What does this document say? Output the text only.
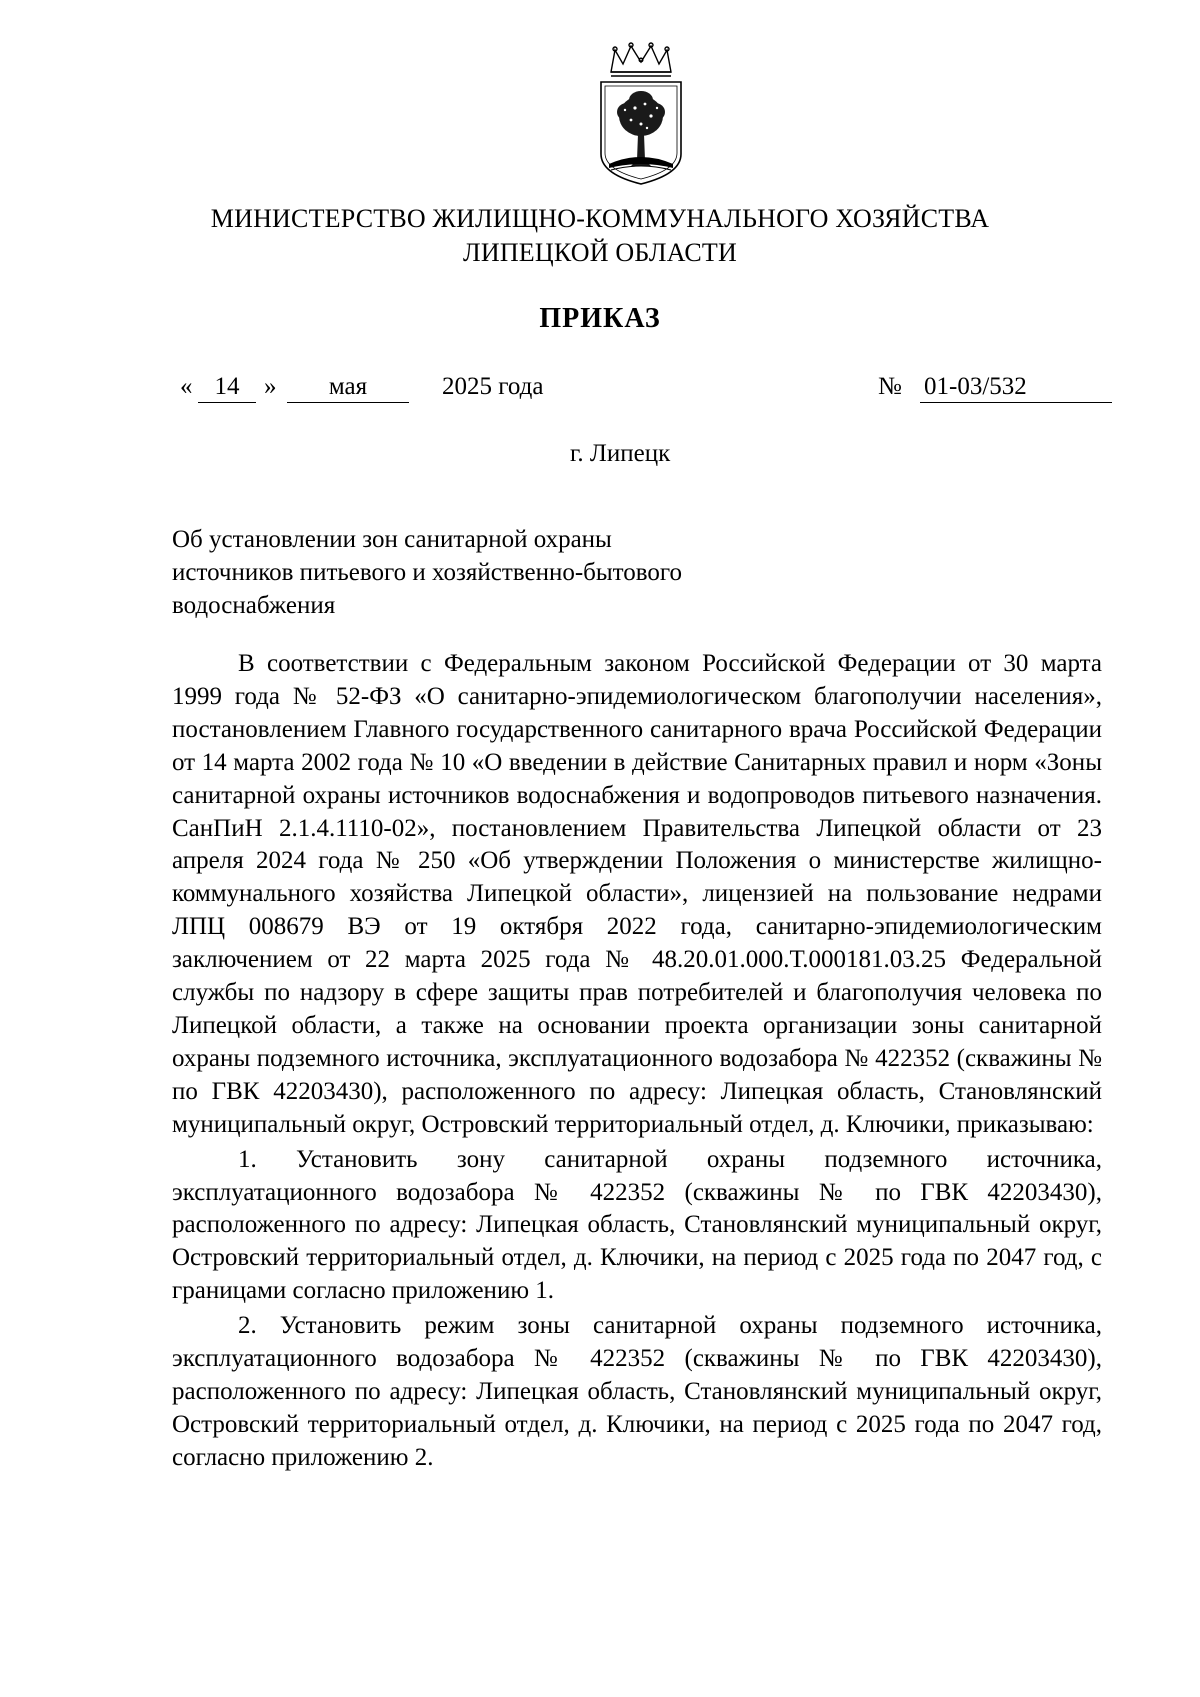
МИНИСТЕРСТВО ЖИЛИЩНО-КОММУНАЛЬНОГО ХОЗЯЙСТВА
ЛИПЕЦКОЙ ОБЛАСТИ
ПРИКАЗ
« 14 »	мая	2025 года	№ 01-03/532
г. Липецк
Об установлении зон санитарной охраны
источников питьевого и хозяйственно-бытового
водоснабжения

В соответствии с Федеральным законом Российской Федерации от 30 марта 1999 года № 52-ФЗ «О санитарно-эпидемиологическом благополучии населения», постановлением Главного государственного санитарного врача Российской Федерации от 14 марта 2002 года № 10 «О введении в действие Санитарных правил и норм «Зоны санитарной охраны источников водоснабжения и водопроводов питьевого назначения. СанПиН 2.1.4.1110-02», постановлением Правительства Липецкой области от 23 апреля 2024 года № 250 «Об утверждении Положения о министерстве жилищно-коммунального хозяйства Липецкой области», лицензией на пользование недрами ЛПЦ 008679 ВЭ от 19 октября 2022 года, санитарно-эпидемиологическим заключением от 22 марта 2025 года № 48.20.01.000.Т.000181.03.25 Федеральной службы по надзору в сфере защиты прав потребителей и благополучия человека по Липецкой области, а также на основании проекта организации зоны санитарной охраны подземного источника, эксплуатационного водозабора № 422352 (скважины № по ГВК 42203430), расположенного по адресу: Липецкая область, Становлянский муниципальный округ, Островский территориальный отдел, д. Ключики, приказываю:

1. Установить зону санитарной охраны подземного источника, эксплуатационного водозабора № 422352 (скважины № по ГВК 42203430), расположенного по адресу: Липецкая область, Становлянский муниципальный округ, Островский территориальный отдел, д. Ключики, на период с 2025 года по 2047 год, с границами согласно приложению 1.

2. Установить режим зоны санитарной охраны подземного источника, эксплуатационного водозабора № 422352 (скважины № по ГВК 42203430), расположенного по адресу: Липецкая область, Становлянский муниципальный округ, Островский территориальный отдел, д. Ключики, на период с 2025 года по 2047 год, согласно приложению 2.
